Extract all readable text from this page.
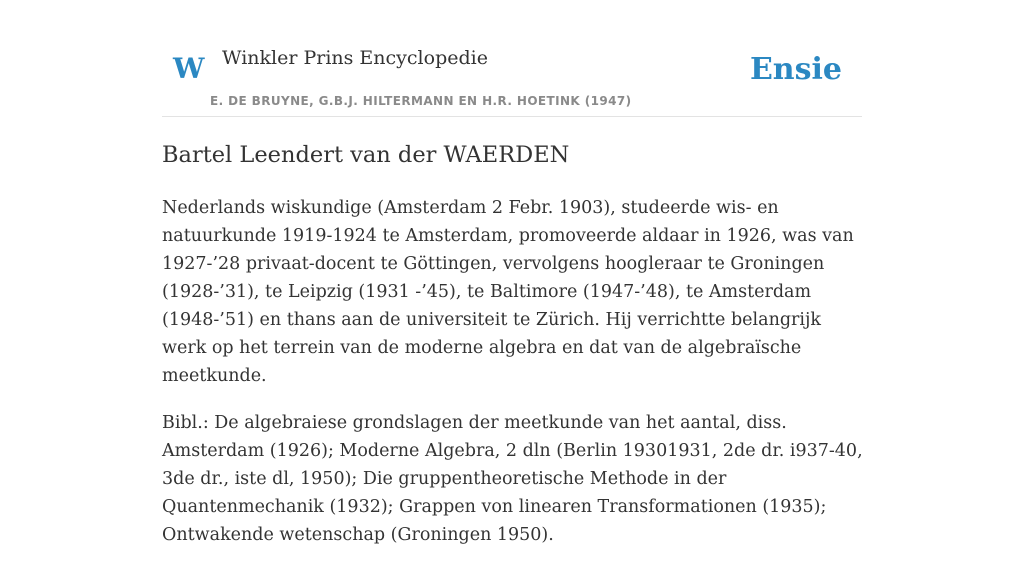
W Winkler Prins Encyclopedie
E. DE BRUYNE, G.B.J. HILTERMANN EN H.R. HOETINK (1947)
Ensie
Bartel Leendert van der WAERDEN

Nederlands wiskundige (Amsterdam 2 Febr. 1903), studeerde wis- en natuurkunde 1919-1924 te Amsterdam, promoveerde aldaar in 1926, was van 1927-’28 privaat-docent te Göttingen, vervolgens hoogleraar te Groningen (1928-’31), te Leipzig (1931 -’45), te Baltimore (1947-’48), te Amsterdam (1948-’51) en thans aan de universiteit te Zürich. Hij verrichtte belangrijk werk op het terrein van de moderne algebra en dat van de algebraïsche meetkunde.

Bibl.: De algebraiese grondslagen der meetkunde van het aantal, diss. Amsterdam (1926); Moderne Algebra, 2 dln (Berlin 19301931, 2de dr. i937-40, 3de dr., iste dl, 1950); Die gruppentheoretische Methode in der Quantenmechanik (1932); Grappen von linearen Transformationen (1935); Ontwakende wetenschap (Groningen 1950).
